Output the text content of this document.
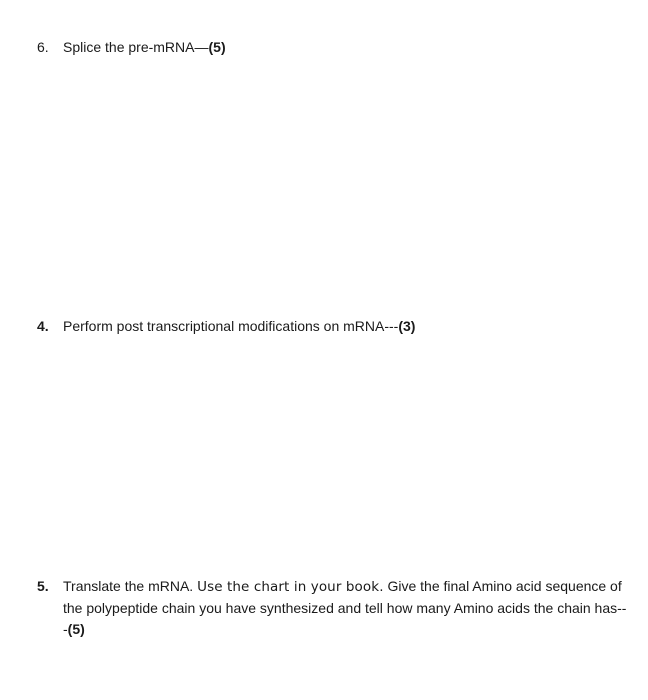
6. Splice the pre-mRNA—(5)
4. Perform post transcriptional modifications on mRNA---(3)
5. Translate the mRNA. Use the chart in your book. Give the final Amino acid sequence of the polypeptide chain you have synthesized and tell how many Amino acids the chain has---(5)
